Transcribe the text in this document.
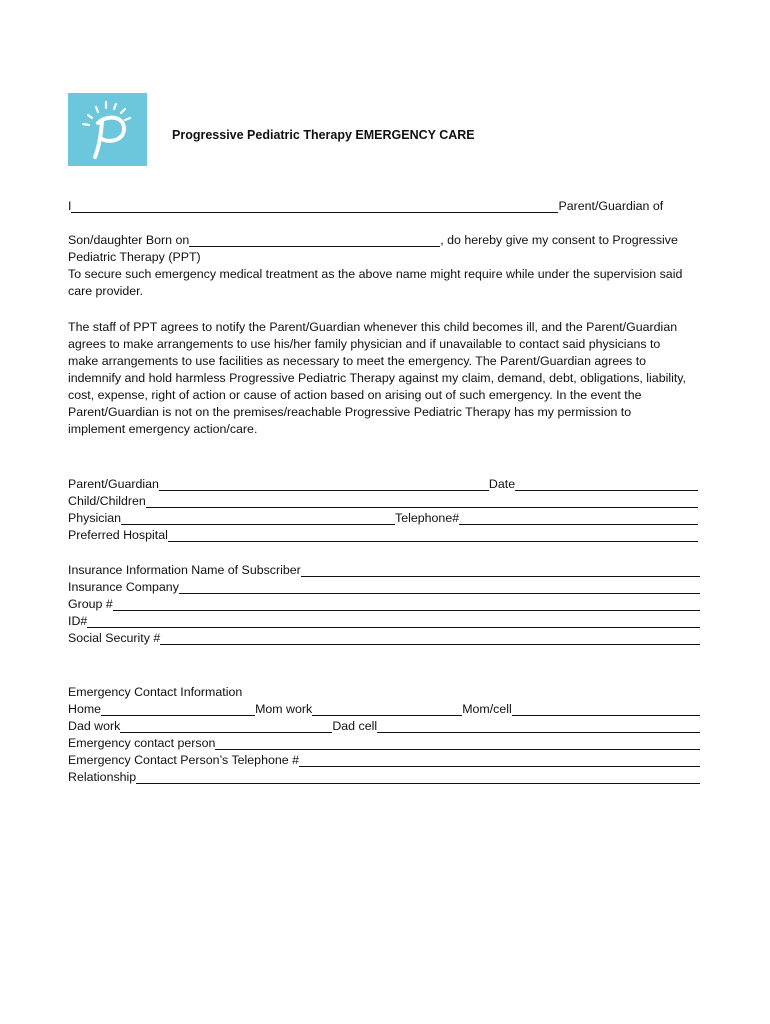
Progressive Pediatric Therapy EMERGENCY CARE
I	Parent/Guardian of
Son/daughter Born on	, do hereby give my consent to Progressive
Pediatric Therapy (PPT)
To secure such emergency medical treatment as the above name might require while under the supervision said
care provider.

The staff of PPT agrees to notify the Parent/Guardian whenever this child becomes ill, and the Parent/Guardian

agrees to make arrangements to use his/her family physician and if unavailable to contact said physicians to

make arrangements to use facilities as necessary to meet the emergency. The Parent/Guardian agrees to

indemnify and hold harmless Progressive Pediatric Therapy against my claim, demand, debt, obligations, liability,

cost, expense, right of action or cause of action based on arising out of such emergency. In the event the

Parent/Guardian is not on the premises/reachable Progressive Pediatric Therapy has my permission to

implement emergency action/care.

Parent/Guardian	Date
Child/Children
Physician	Telephone#
Preferred Hospital
Insurance Information Name of Subscriber
Insurance Company
Group #
ID#
Social Security #
Emergency Contact Information
Home	Mom work	Mom/cell
Dad work	Dad cell
Emergency contact person
Emergency Contact Person’s Telephone #
Relationship
